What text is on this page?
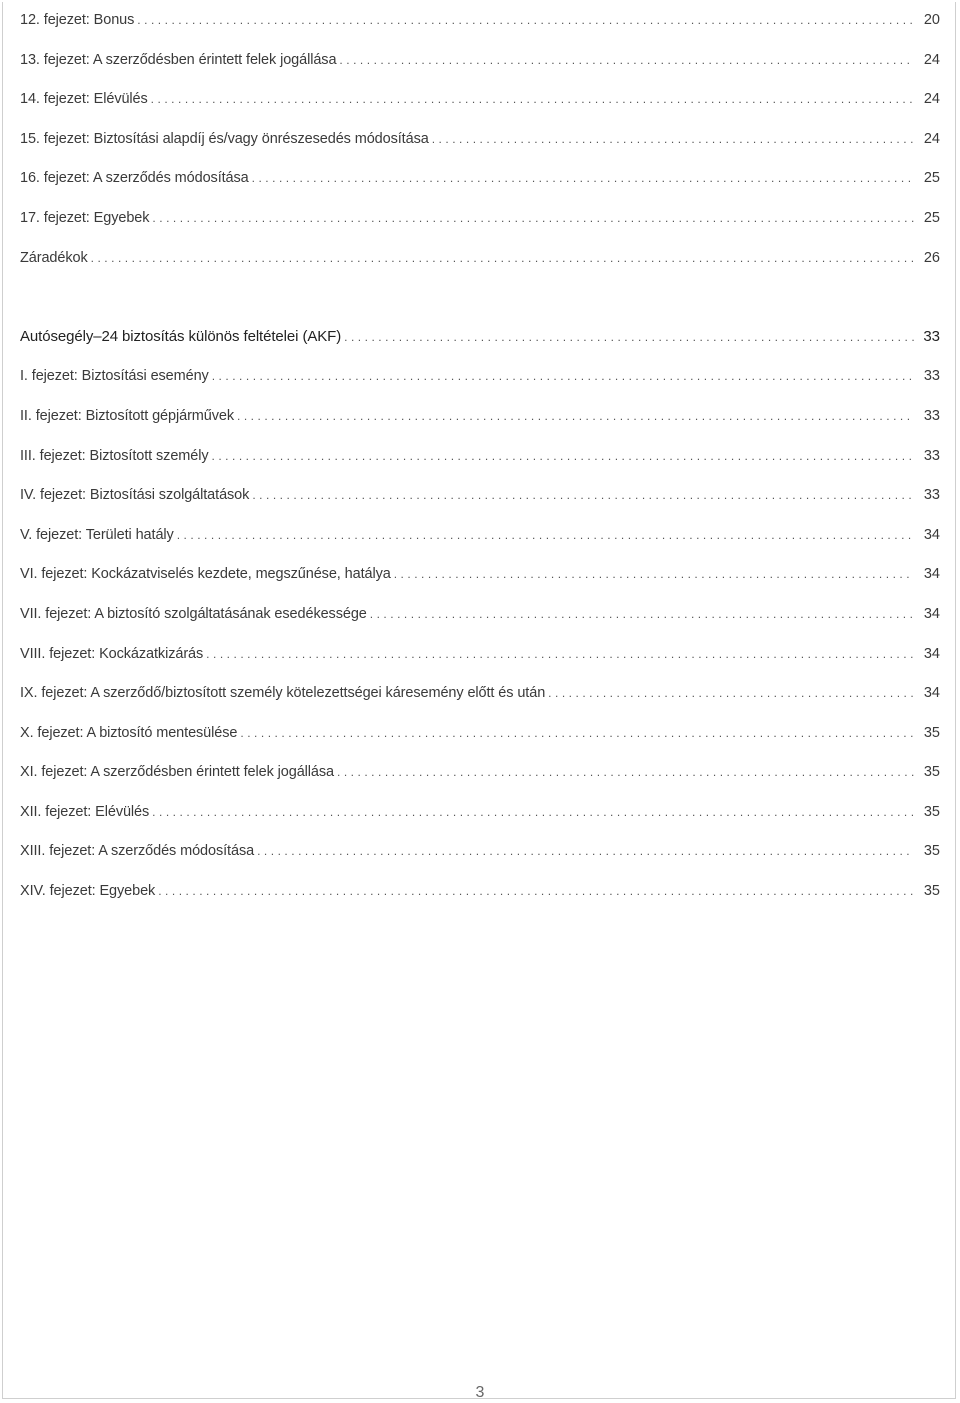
12. fejezet: Bonus .....	20
13. fejezet: A szerződésben érintett felek jogállása .....	24
14. fejezet: Elévülés .....	24
15. fejezet: Biztosítási alapdíj és/vagy önrészesedés módosítása .....	24
16. fejezet: A szerződés módosítása .....	25
17. fejezet: Egyebek .....	25
Záradékok .....	26
Autósegély–24 biztosítás különös feltételei (AKF) .....	33
I. fejezet: Biztosítási esemény .....	33
II. fejezet: Biztosított gépjárművek .....	33
III. fejezet: Biztosított személy .....	33
IV. fejezet: Biztosítási szolgáltatások .....	33
V. fejezet: Területi hatály .....	34
VI. fejezet: Kockázatviselés kezdete, megszűnése, hatálya .....	34
VII. fejezet: A biztosító szolgáltatásának esedékessége .....	34
VIII. fejezet: Kockázatkizárás .....	34
IX. fejezet: A szerződő/biztosított személy kötelezettségei káresemény előtt és után .....	34
X. fejezet: A biztosító mentesülése .....	35
XI. fejezet: A szerződésben érintett felek jogállása .....	35
XII. fejezet: Elévülés .....	35
XIII. fejezet: A szerződés módosítása .....	35
XIV. fejezet: Egyebek .....	35
3
